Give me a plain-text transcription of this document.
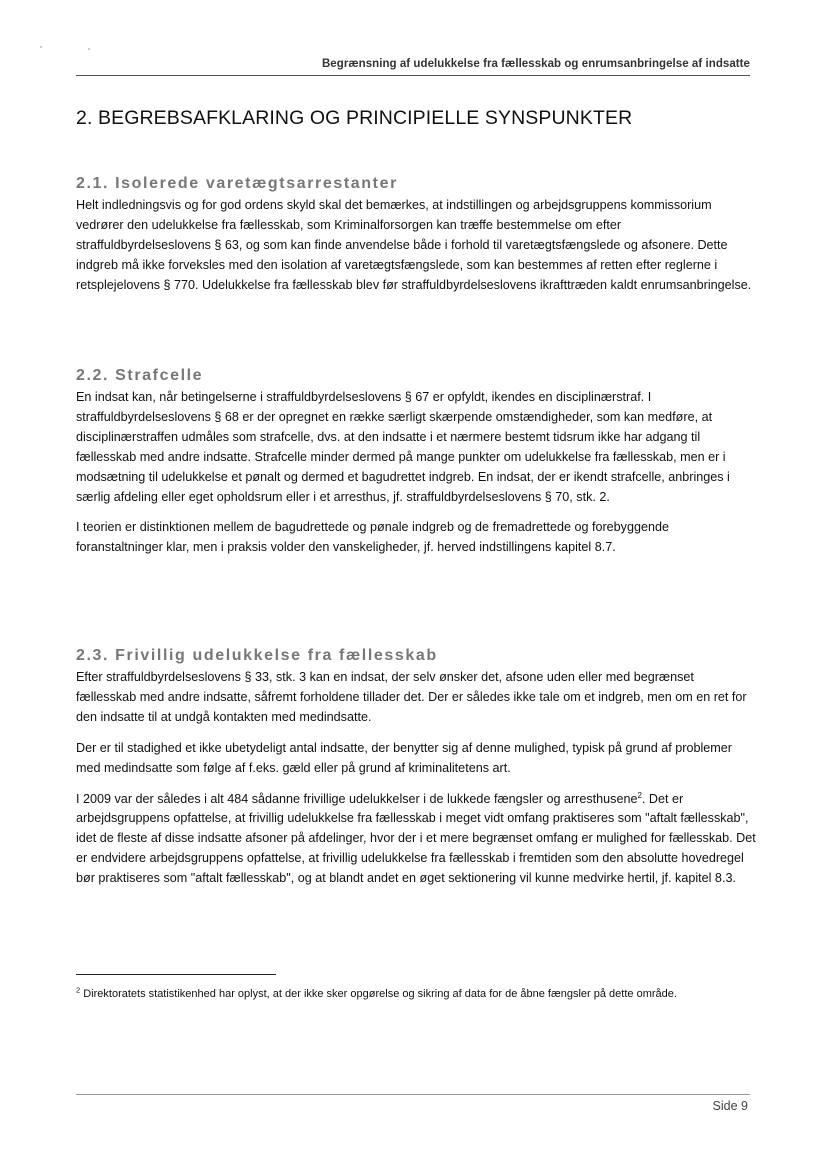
Begrænsning af udelukkelse fra fællesskab og enrumsanbringelse af indsatte
2. BEGREBSAFKLARING OG PRINCIPIELLE SYNSPUNKTER
2.1. Isolerede varetægtsarrestanter

Helt indledningsvis og for god ordens skyld skal det bemærkes, at indstillingen og arbejdsgruppens kommissorium vedrører den udelukkelse fra fællesskab, som Kriminalforsorgen kan træffe bestemmelse om efter straffuldbyrdelseslovens § 63, og som kan finde anvendelse både i forhold til varetægtsfængslede og afsonere. Dette indgreb må ikke forveksles med den isolation af varetægtsfængslede, som kan bestemmes af retten efter reglerne i retsplejelovens § 770. Udelukkelse fra fællesskab blev før straffuldbyrdelseslovens ikrafttræden kaldt enrumsanbringelse.

2.2. Strafcelle

En indsat kan, når betingelserne i straffuldbyrdelseslovens § 67 er opfyldt, ikendes en disciplinærstraf. I straffuldbyrdelseslovens § 68 er der opregnet en række særligt skærpende omstændigheder, som kan medføre, at disciplinærstraffen udmåles som strafcelle, dvs. at den indsatte i et nærmere bestemt tidsrum ikke har adgang til fællesskab med andre indsatte. Strafcelle minder dermed på mange punkter om udelukkelse fra fællesskab, men er i modsætning til udelukkelse et pønalt og dermed et bagudrettet indgreb. En indsat, der er ikendt strafcelle, anbringes i særlig afdeling eller eget opholdsrum eller i et arresthus, jf. straffuldbyrdelseslovens § 70, stk. 2.

I teorien er distinktionen mellem de bagudrettede og pønale indgreb og de fremadrettede og forebyggende foranstaltninger klar, men i praksis volder den vanskeligheder, jf. herved indstillingens kapitel 8.7.

2.3. Frivillig udelukkelse fra fællesskab

Efter straffuldbyrdelseslovens § 33, stk. 3 kan en indsat, der selv ønsker det, afsone uden eller med begrænset fællesskab med andre indsatte, såfremt forholdene tillader det. Der er således ikke tale om et indgreb, men om en ret for den indsatte til at undgå kontakten med medindsatte.

Der er til stadighed et ikke ubetydeligt antal indsatte, der benytter sig af denne mulighed, typisk på grund af problemer med medindsatte som følge af f.eks. gæld eller på grund af kriminalitetens art.

I 2009 var der således i alt 484 sådanne frivillige udelukkelser i de lukkede fængsler og arresthusene$^2$. Det er arbejdsgruppens opfattelse, at frivillig udelukkelse fra fællesskab i meget vidt omfang praktiseres som "aftalt fællesskab", idet de fleste af disse indsatte afsoner på afdelinger, hvor der i et mere begrænset omfang er mulighed for fællesskab. Det er endvidere arbejdsgruppens opfattelse, at frivillig udelukkelse fra fællesskab i fremtiden som den absolutte hovedregel bør praktiseres som "aftalt fællesskab", og at blandt andet en øget sektionering vil kunne medvirke hertil, jf. kapitel 8.3.

$^2$ Direktoratets statistikenhed har oplyst, at der ikke sker opgørelse og sikring af data for de åbne fængsler på dette område.

Side 9
